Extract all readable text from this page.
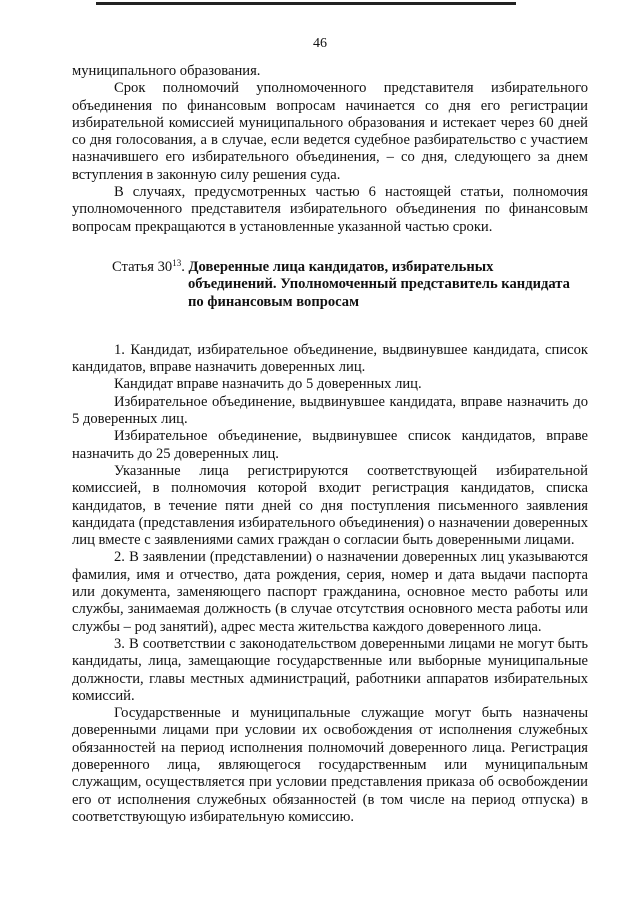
46

муниципального образования.

Срок полномочий уполномоченного представителя избирательного объединения по финансовым вопросам начинается со дня его регистрации избирательной комиссией муниципального образования и истекает через 60 дней со дня голосования, а в случае, если ведется судебное разбирательство с участием назначившего его избирательного объединения, – со дня, следующего за днем вступления в законную силу решения суда.

В случаях, предусмотренных частью 6 настоящей статьи, полномочия уполномоченного представителя избирательного объединения по финансовым вопросам прекращаются в установленные указанной частью сроки.

Статья $30^{13}$. Доверенные лица кандидатов, избирательных
объединений. Уполномоченный представитель кандидата
по финансовым вопросам

1. Кандидат, избирательное объединение, выдвинувшее кандидата, список кандидатов, вправе назначить доверенных лиц.

Кандидат вправе назначить до 5 доверенных лиц.

Избирательное объединение, выдвинувшее кандидата, вправе назначить до 5 доверенных лиц.

Избирательное объединение, выдвинувшее список кандидатов, вправе назначить до 25 доверенных лиц.

Указанные лица регистрируются соответствующей избирательной комиссией, в полномочия которой входит регистрация кандидатов, списка кандидатов, в течение пяти дней со дня поступления письменного заявления кандидата (представления избирательного объединения) о назначении доверенных лиц вместе с заявлениями самих граждан о согласии быть доверенными лицами.

2. В заявлении (представлении) о назначении доверенных лиц указываются фамилия, имя и отчество, дата рождения, серия, номер и дата выдачи паспорта или документа, заменяющего паспорт гражданина, основное место работы или службы, занимаемая должность (в случае отсутствия основного места работы или службы – род занятий), адрес места жительства каждого доверенного лица.

3. В соответствии с законодательством доверенными лицами не могут быть кандидаты, лица, замещающие государственные или выборные муниципальные должности, главы местных администраций, работники аппаратов избирательных комиссий.

Государственные и муниципальные служащие могут быть назначены доверенными лицами при условии их освобождения от исполнения служебных обязанностей на период исполнения полномочий доверенного лица. Регистрация доверенного лица, являющегося государственным или муниципальным служащим, осуществляется при условии представления приказа об освобождении его от исполнения служебных обязанностей (в том числе на период отпуска) в соответствующую избирательную комиссию.
